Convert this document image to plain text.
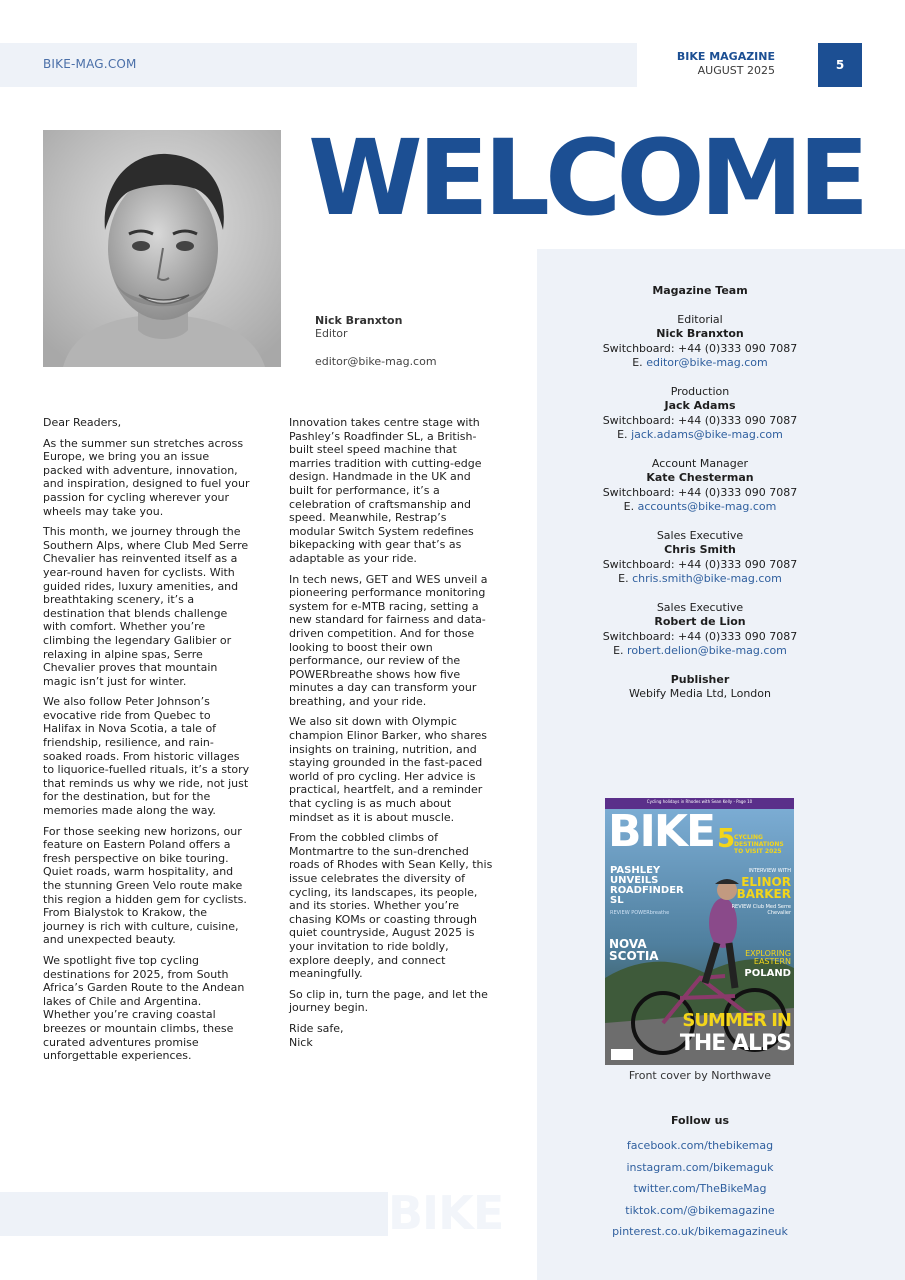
BIKE-MAG.COM
BIKE MAGAZINE
AUGUST 2025	5
WELCOME
Nick Branxton
Editor
editor@bike-mag.com

Dear Readers,

As the summer sun stretches across Europe, we bring you an issue packed with adventure, innovation, and inspiration, designed to fuel your passion for cycling wherever your wheels may take you.

This month, we journey through the Southern Alps, where Club Med Serre Chevalier has reinvented itself as a year-round haven for cyclists. With guided rides, luxury amenities, and breathtaking scenery, it’s a destination that blends challenge with comfort. Whether you’re climbing the legendary Galibier or relaxing in alpine spas, Serre Chevalier proves that mountain magic isn’t just for winter.

We also follow Peter Johnson’s evocative ride from Quebec to Halifax in Nova Scotia, a tale of friendship, resilience, and rain-soaked roads. From historic villages to liquorice-fuelled rituals, it’s a story that reminds us why we ride, not just for the destination, but for the memories made along the way.

For those seeking new horizons, our feature on Eastern Poland offers a fresh perspective on bike touring. Quiet roads, warm hospitality, and the stunning Green Velo route make this region a hidden gem for cyclists. From Bialystok to Krakow, the journey is rich with culture, cuisine, and unexpected beauty.

We spotlight five top cycling destinations for 2025, from South Africa’s Garden Route to the Andean lakes of Chile and Argentina. Whether you’re craving coastal breezes or mountain climbs, these curated adventures promise unforgettable experiences.

Innovation takes centre stage with Pashley’s Roadfinder SL, a British-built steel speed machine that marries tradition with cutting-edge design. Handmade in the UK and built for performance, it’s a celebration of craftsmanship and speed. Meanwhile, Restrap’s modular Switch System redefines bikepacking with gear that’s as adaptable as your ride.

In tech news, GET and WES unveil a pioneering performance monitoring system for e-MTB racing, setting a new standard for fairness and data-driven competition. And for those looking to boost their own performance, our review of the POWERbreathe shows how five minutes a day can transform your breathing, and your ride.

We also sit down with Olympic champion Elinor Barker, who shares insights on training, nutrition, and staying grounded in the fast-paced world of pro cycling. Her advice is practical, heartfelt, and a reminder that cycling is as much about mindset as it is about muscle.

From the cobbled climbs of Montmartre to the sun-drenched roads of Rhodes with Sean Kelly, this issue celebrates the diversity of cycling, its landscapes, its people, and its stories. Whether you’re chasing KOMs or coasting through quiet countryside, August 2025 is your invitation to ride boldly, explore deeply, and connect meaningfully.

So clip in, turn the page, and let the journey begin.

Ride safe,

Nick

Magazine Team
Editorial
Nick Branxton
Switchboard: +44 (0)333 090 7087
E. editor@bike-mag.com
Production
Jack Adams
Switchboard: +44 (0)333 090 7087
E. jack.adams@bike-mag.com
Account Manager
Kate Chesterman
Switchboard: +44 (0)333 090 7087
E. accounts@bike-mag.com
Sales Executive
Chris Smith
Switchboard: +44 (0)333 090 7087
E. chris.smith@bike-mag.com
Sales Executive
Robert de Lion
Switchboard: +44 (0)333 090 7087
E. robert.delion@bike-mag.com
Publisher
Webify Media Ltd, London
Cycling holidays in Rhodes with Sean Kelly - Page 10
BIKE 5
CYCLING DESTINATIONS TO VISIT 2025
PASHLEY UNVEILS ROADFINDER SL
REVIEW POWERbreathe
INTERVIEW WITH
ELINOR BARKER
REVIEW Club Med Serre Chevalier
NOVA SCOTIA	EXPLORING EASTERN
POLAND
SUMMER IN
THE ALPS
Front cover by Northwave
Follow us
facebook.com/thebikemag
instagram.com/bikemaguk
twitter.com/TheBikeMag
tiktok.com/@bikemagazine
pinterest.co.uk/bikemagazineuk
BIKE
